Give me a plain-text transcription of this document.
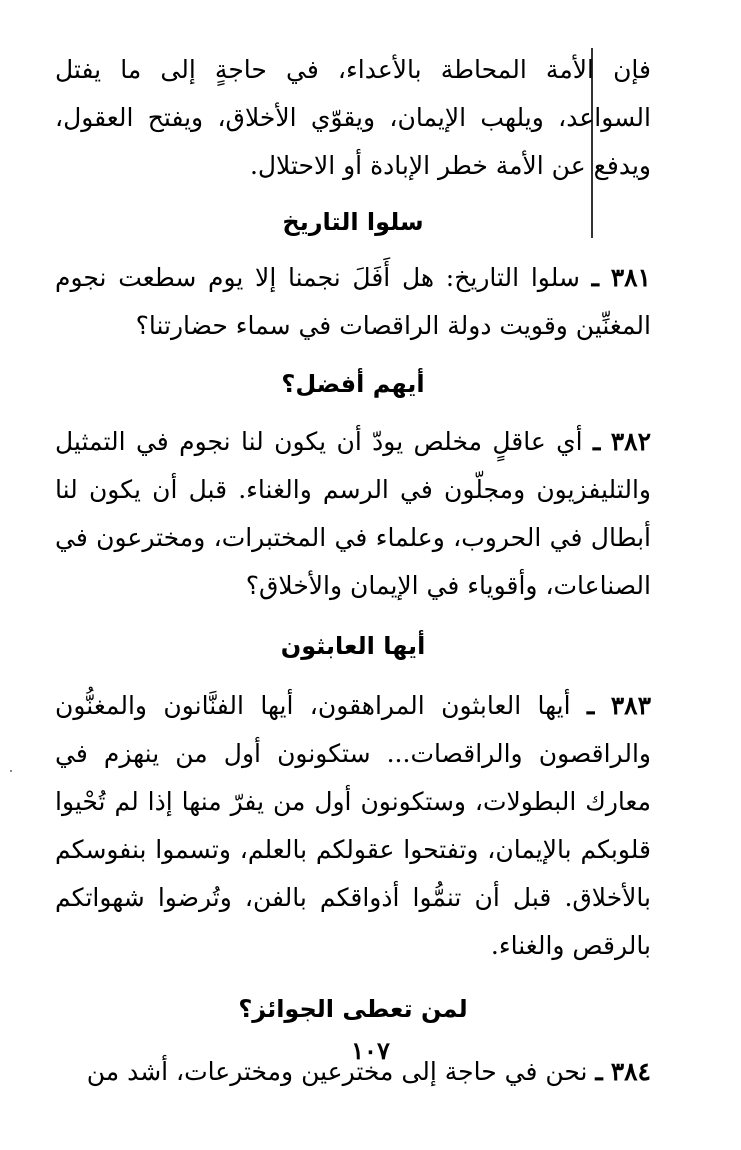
فإن الأمة المحاطة بالأعداء، في حاجةٍ إلى ما يفتل السواعد، ويلهب الإيمان، ويقوّي الأخلاق، ويفتح العقول، ويدفع عن الأمة خطر الإبادة أو الاحتلال.

سلوا التاريخ

٣٨١ ـ سلوا التاريخ: هل أَفَلَ نجمنا إلا يوم سطعت نجوم المغنِّين وقويت دولة الراقصات في سماء حضارتنا؟

أيهم أفضل؟

٣٨٢ ـ أي عاقلٍ مخلص يودّ أن يكون لنا نجوم في التمثيل والتليفزيون ومجلّون في الرسم والغناء. قبل أن يكون لنا أبطال في الحروب، وعلماء في المختبرات، ومخترعون في الصناعات، وأقوياء في الإيمان والأخلاق؟

أيها العابثون

٣٨٣ ـ أيها العابثون المراهقون، أيها الفنَّانون والمغنُّون والراقصون والراقصات... ستكونون أول من ينهزم في معارك البطولات، وستكونون أول من يفرّ منها إذا لم تُحْيوا قلوبكم بالإيمان، وتفتحوا عقولكم بالعلم، وتسموا بنفوسكم بالأخلاق. قبل أن تنمُّوا أذواقكم بالفن، وتُرضوا شهواتكم بالرقص والغناء.

لمن تعطى الجوائز؟

٣٨٤ ـ نحن في حاجة إلى مخترعين ومخترعات، أشد من

١٠٧
